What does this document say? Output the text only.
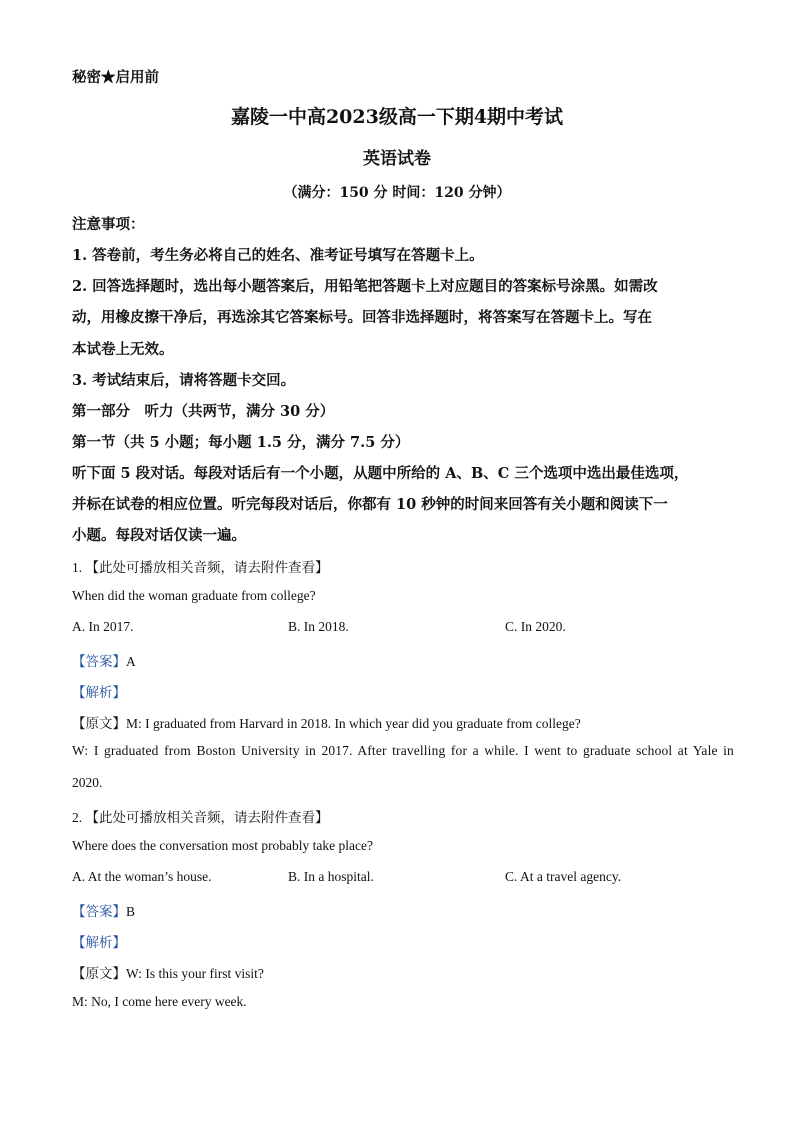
秘密★启用前
嘉陵一中高2023级高一下期4期中考试
英语试卷
（满分：150 分 时间：120 分钟）
注意事项：
1. 答卷前，考生务必将自己的姓名、准考证号填写在答题卡上。
2. 回答选择题时，选出每小题答案后，用铅笔把答题卡上对应题目的答案标号涂黑。如需改
动，用橡皮擦干净后，再选涂其它答案标号。回答非选择题时，将答案写在答题卡上。写在
本试卷上无效。
3. 考试结束后，请将答题卡交回。
第一部分　听力（共两节，满分 30 分）
第一节（共 5 小题；每小题 1.5 分，满分 7.5 分）
听下面 5 段对话。每段对话后有一个小题，从题中所给的 A、B、C 三个选项中选出最佳选项，
并标在试卷的相应位置。听完每段对话后，你都有 10 秒钟的时间来回答有关小题和阅读下一
小题。每段对话仅读一遍。
1. 【此处可播放相关音频，请去附件查看】
When did the woman graduate from college?
A. In 2017.	B. In 2018.	C. In 2020.
【答案】A
【解析】
【原文】M: I graduated from Harvard in 2018. In which year did you graduate from college?
W: I graduated from Boston University in 2017. After travelling for a while. I went to graduate school at Yale in
2020.
2. 【此处可播放相关音频，请去附件查看】
Where does the conversation most probably take place?
A. At the woman’s house.	B. In a hospital.	C. At a travel agency.
【答案】B
【解析】
【原文】W: Is this your first visit?
M: No, I come here every week.
